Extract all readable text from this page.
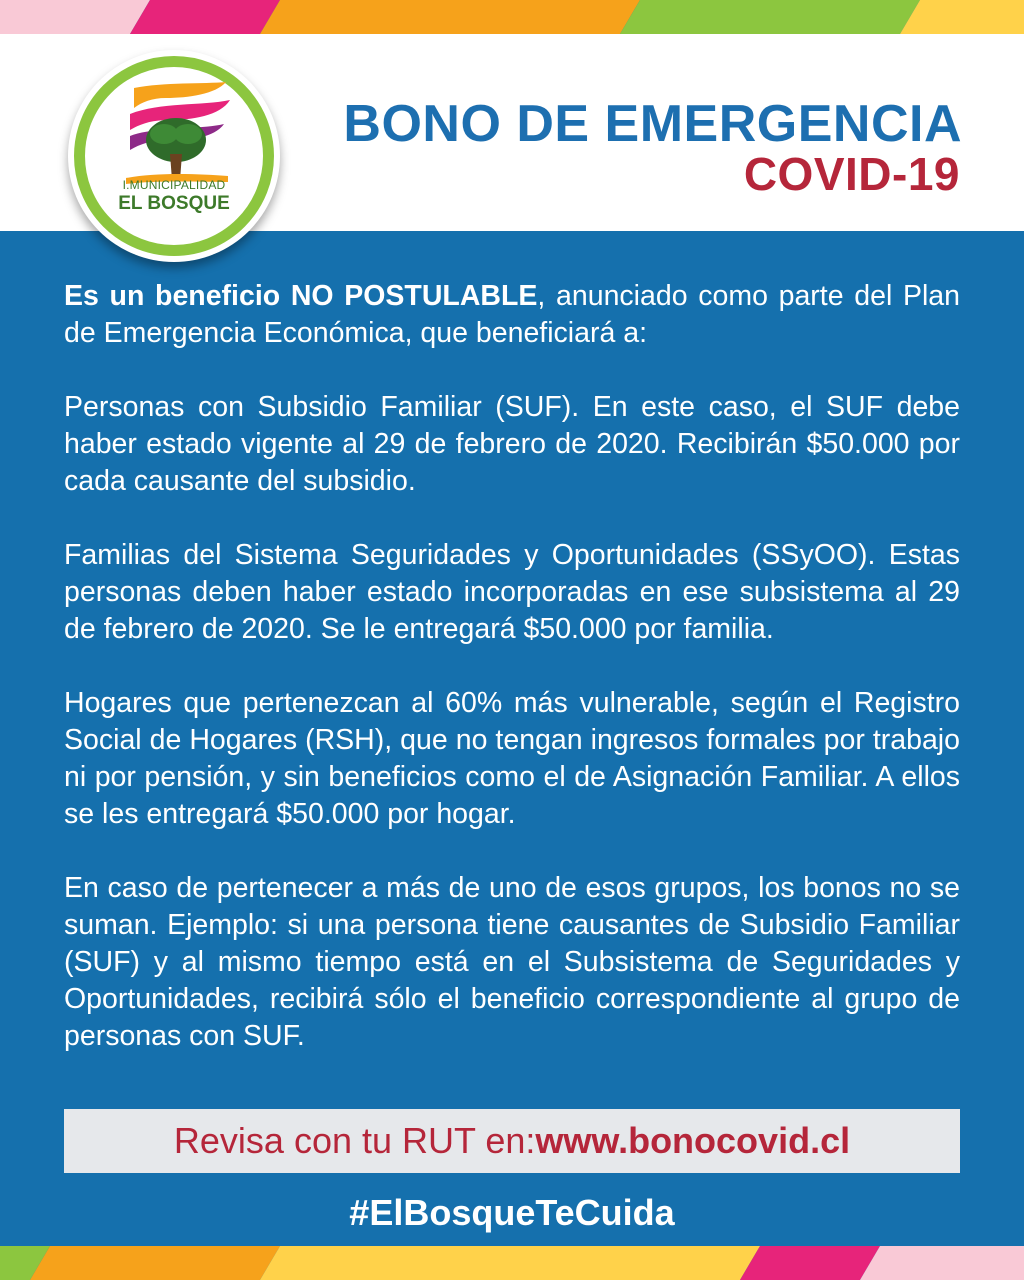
I.MUNICIPALIDAD
EL BOSQUE
BONO DE EMERGENCIA
COVID-19

Es un beneficio NO POSTULABLE, anunciado como parte del Plan de Emergencia Económica, que beneficiará a:

Personas con Subsidio Familiar (SUF). En este caso, el SUF debe haber estado vigente al 29 de febrero de 2020. Recibirán $50.000 por cada causante del subsidio.

Familias del Sistema Seguridades y Oportunidades (SSyOO). Estas personas deben haber estado incorporadas en ese subsistema al 29 de febrero de 2020. Se le entregará $50.000 por familia.

Hogares que pertenezcan al 60% más vulnerable, según el Registro Social de Hogares (RSH), que no tengan ingresos formales por trabajo ni por pensión, y sin beneficios como el de Asignación Familiar. A ellos se les entregará $50.000 por hogar.

En caso de pertenecer a más de uno de esos grupos, los bonos no se suman. Ejemplo: si una persona tiene causantes de Subsidio Familiar (SUF) y al mismo tiempo está en el Subsistema de Seguridades y Oportunidades, recibirá sólo el beneficio correspondiente al grupo de personas con SUF.

Revisa con tu RUT en: www.bonocovid.cl
#ElBosqueTeCuida
